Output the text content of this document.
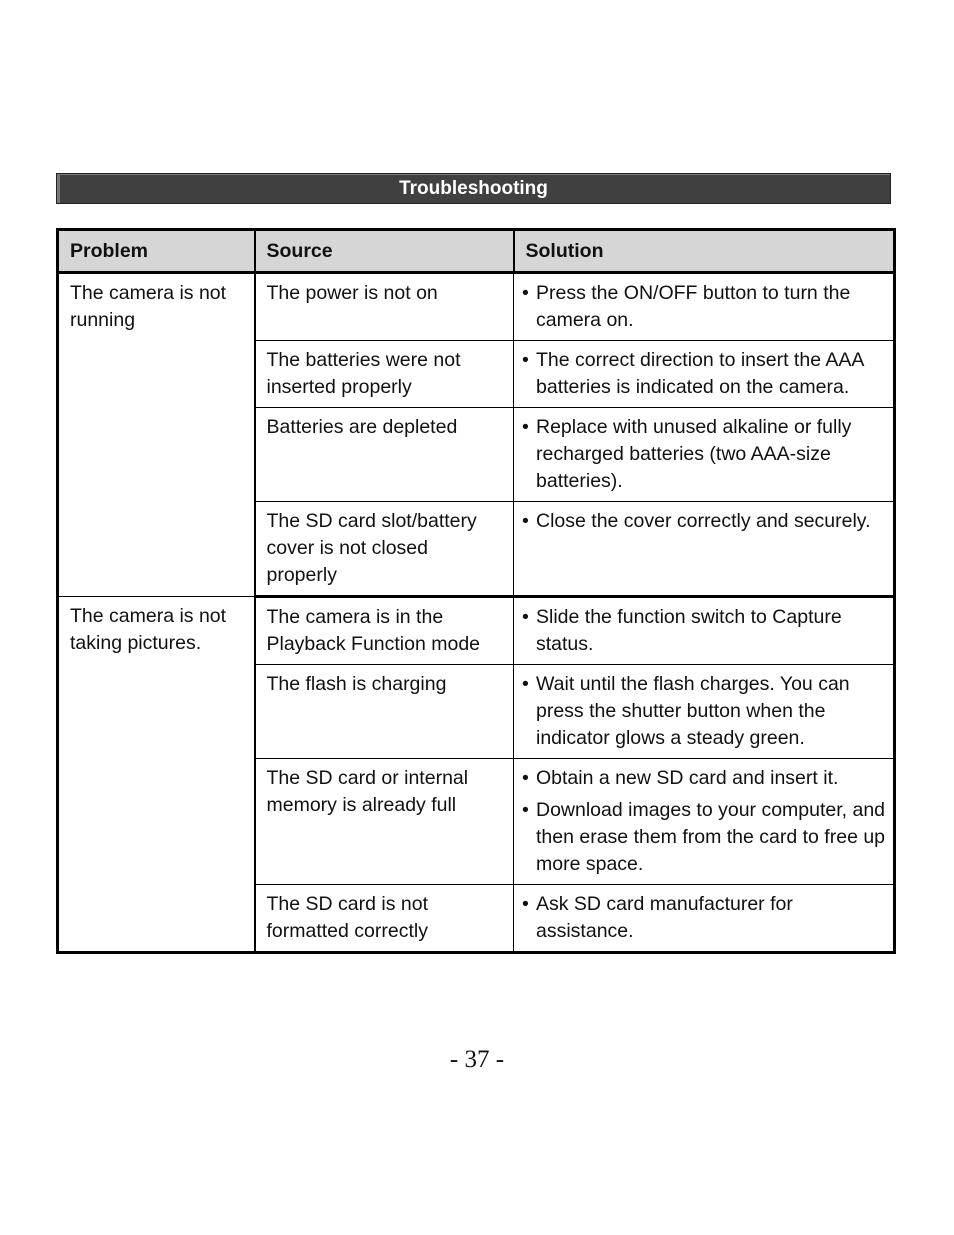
Troubleshooting
Problem	Source	Solution
The camera is not running	The power is not on	• Press the ON/OFF button to turn the camera on.

	The batteries were not inserted properly	• The correct direction to insert the AAA batteries is indicated on the camera.

	Batteries are depleted	• Replace with unused alkaline or fully recharged batteries (two AAA-size batteries).

	The SD card slot/battery cover is not closed properly	• Close the cover correctly and securely.

The camera is not taking pictures.	The camera is in the Playback Function mode	• Slide the function switch to Capture status.

	The flash is charging	• Wait until the flash charges. You can press the shutter button when the indicator glows a steady green.

	The SD card or internal memory is already full	• Obtain a new SD card and insert it.
• Download images to your computer, and then erase them from the card to free up more space.

	The SD card is not formatted correctly	• Ask SD card manufacturer for assistance.
- 37 -
